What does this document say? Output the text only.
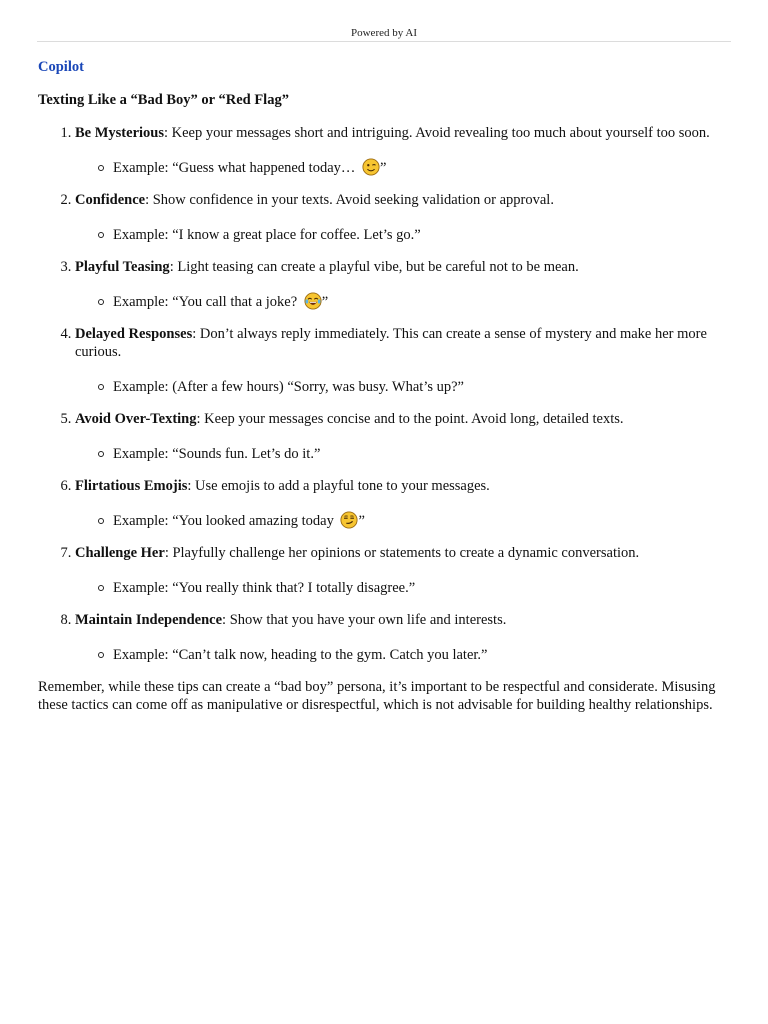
Powered by AI

Copilot

Texting Like a “Bad Boy” or “Red Flag”

1. Be Mysterious: Keep your messages short and intriguing. Avoid revealing too much about yourself too soon.
Example: “Guess what happened today… ”
2. Confidence: Show confidence in your texts. Avoid seeking validation or approval.
Example: “I know a great place for coffee. Let’s go.”
3. Playful Teasing: Light teasing can create a playful vibe, but be careful not to be mean.
Example: “You call that a joke? ”
4. Delayed Responses: Don’t always reply immediately. This can create a sense of mystery and make her more curious.
Example: (After a few hours) “Sorry, was busy. What’s up?”
5. Avoid Over-Texting: Keep your messages concise and to the point. Avoid long, detailed texts.
Example: “Sounds fun. Let’s do it.”
6. Flirtatious Emojis: Use emojis to add a playful tone to your messages.
Example: “You looked amazing today ”
7. Challenge Her: Playfully challenge her opinions or statements to create a dynamic conversation.
Example: “You really think that? I totally disagree.”
8. Maintain Independence: Show that you have your own life and interests.
Example: “Can’t talk now, heading to the gym. Catch you later.”

Remember, while these tips can create a “bad boy” persona, it’s important to be respectful and considerate. Misusing these tactics can come off as manipulative or disrespectful, which is not advisable for building healthy relationships.
